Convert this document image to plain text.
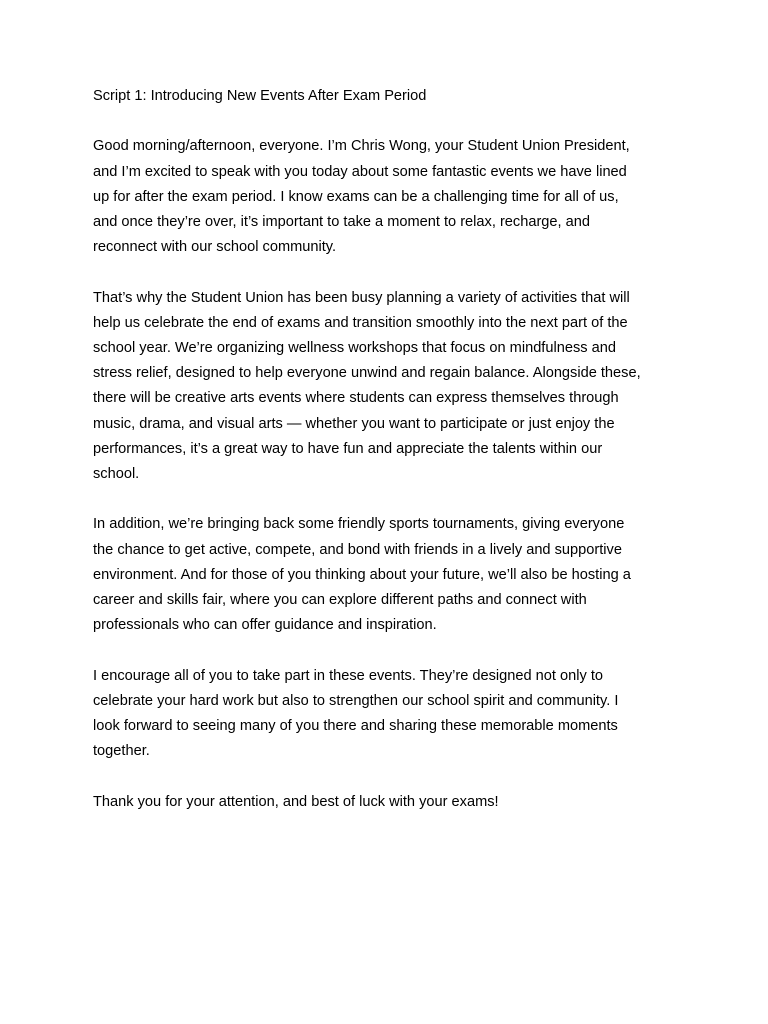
Script 1: Introducing New Events After Exam Period
Good morning/afternoon, everyone. I’m Chris Wong, your Student Union President,
and I’m excited to speak with you today about some fantastic events we have lined
up for after the exam period. I know exams can be a challenging time for all of us,
and once they’re over, it’s important to take a moment to relax, recharge, and
reconnect with our school community.
That’s why the Student Union has been busy planning a variety of activities that will
help us celebrate the end of exams and transition smoothly into the next part of the
school year. We’re organizing wellness workshops that focus on mindfulness and
stress relief, designed to help everyone unwind and regain balance. Alongside these,
there will be creative arts events where students can express themselves through
music, drama, and visual arts — whether you want to participate or just enjoy the
performances, it’s a great way to have fun and appreciate the talents within our
school.
In addition, we’re bringing back some friendly sports tournaments, giving everyone
the chance to get active, compete, and bond with friends in a lively and supportive
environment. And for those of you thinking about your future, we’ll also be hosting a
career and skills fair, where you can explore different paths and connect with
professionals who can offer guidance and inspiration.
I encourage all of you to take part in these events. They’re designed not only to
celebrate your hard work but also to strengthen our school spirit and community. I
look forward to seeing many of you there and sharing these memorable moments
together.
Thank you for your attention, and best of luck with your exams!
